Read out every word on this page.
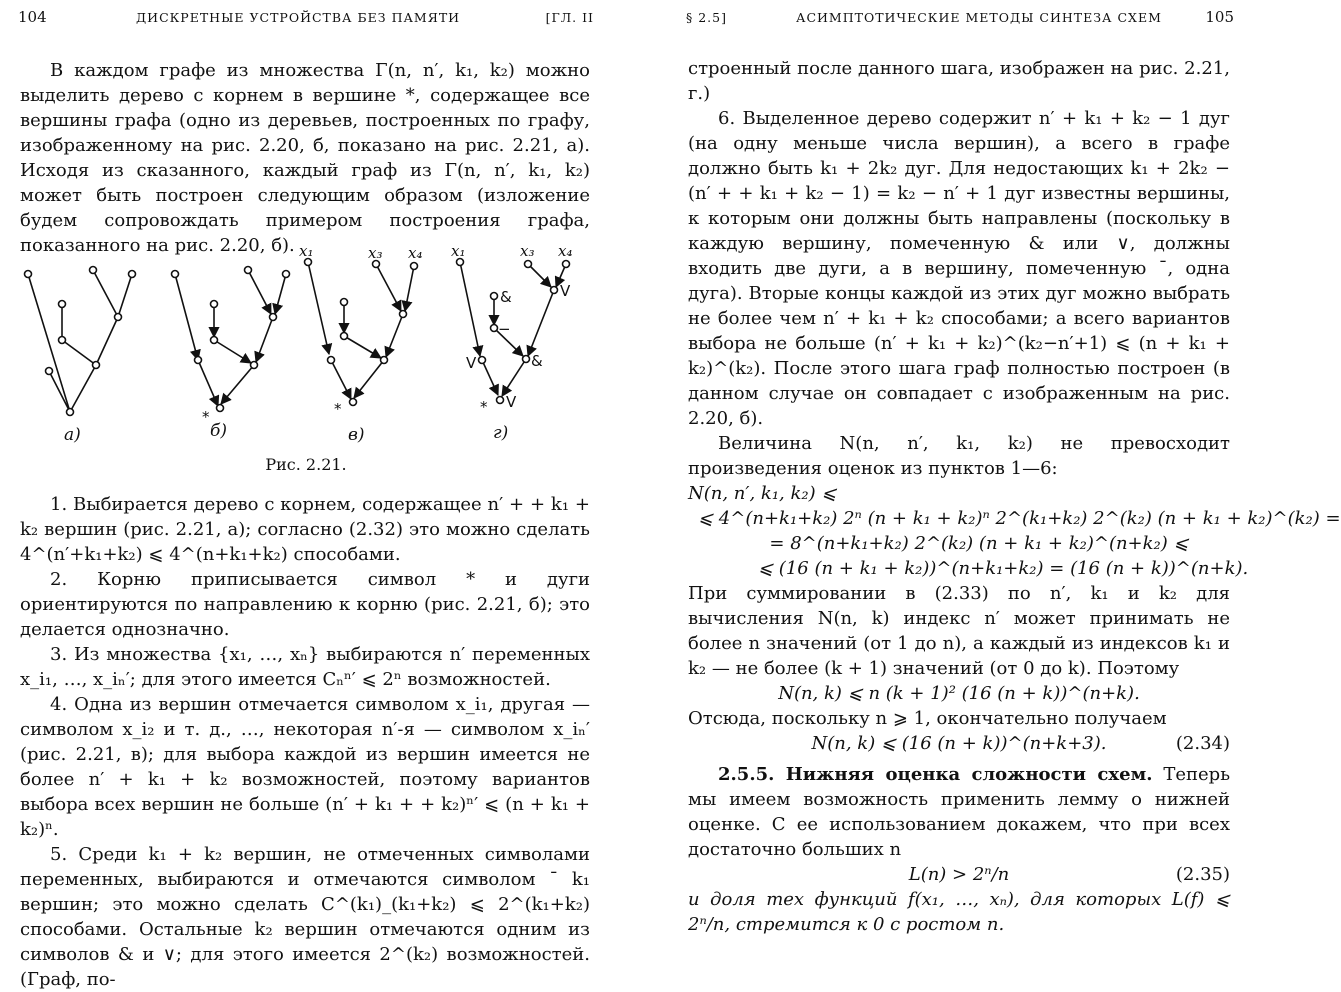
104	ДИСКРЕТНЫЕ УСТРОЙСТВА БЕЗ ПАМЯТИ	[ГЛ. II

В каждом графе из множества Γ(n, n′, k₁, k₂) можно выделить дерево с корнем в вершине *, содержащее все вершины графа (одно из деревьев, построенных по графу, изображенному на рис. 2.20, б, показано на рис. 2.21, а). Исходя из сказанного, каждый граф из Γ(n, n′, k₁, k₂) может быть построен следующим образом (изложение будем сопровождать примером построения графа, показанного на рис. 2.20, б).

а)	б)	в)	г)
x₁	x₃ x₄ x₁	x₃ x₄
*	*	*
&
−
&
V
V
V
Рис. 2.21.

1. Выбирается дерево с корнем, содержащее n′ + + k₁ + k₂ вершин (рис. 2.21, а); согласно (2.32) это можно сделать 4^(n′+k₁+k₂) ⩽ 4^(n+k₁+k₂) способами.

2. Корню приписывается символ * и дуги ориентируются по направлению к корню (рис. 2.21, б); это делается однозначно.

3. Из множества {x₁, …, xₙ} выбираются n′ переменных x_i₁, …, x_iₙ′; для этого имеется Cₙⁿ′ ⩽ 2ⁿ возможностей.

4. Одна из вершин отмечается символом x_i₁, другая — символом x_i₂ и т. д., …, некоторая n′-я — символом x_iₙ′ (рис. 2.21, в); для выбора каждой из вершин имеется не более n′ + k₁ + k₂ возможностей, поэтому вариантов выбора всех вершин не больше (n′ + k₁ + + k₂)ⁿ′ ⩽ (n + k₁ + k₂)ⁿ.

5. Среди k₁ + k₂ вершин, не отмеченных символами переменных, выбираются и отмечаются символом ¯ k₁ вершин; это можно сделать C^(k₁)_(k₁+k₂) ⩽ 2^(k₁+k₂) способами. Остальные k₂ вершин отмечаются одним из символов & и ∨; для этого имеется 2^(k₂) возможностей. (Граф, по-

§ 2.5]	АСИМПТОТИЧЕСКИЕ МЕТОДЫ СИНТЕЗА СХЕМ	105

строенный после данного шага, изображен на рис. 2.21, г.)

6. Выделенное дерево содержит n′ + k₁ + k₂ − 1 дуг (на одну меньше числа вершин), а всего в графе должно быть k₁ + 2k₂ дуг. Для недостающих k₁ + 2k₂ − (n′ + + k₁ + k₂ − 1) = k₂ − n′ + 1 дуг известны вершины, к которым они должны быть направлены (поскольку в каждую вершину, помеченную & или ∨, должны входить две дуги, а в вершину, помеченную ¯, одна дуга). Вторые концы каждой из этих дуг можно выбрать не более чем n′ + k₁ + k₂ способами; а всего вариантов выбора не больше (n′ + k₁ + k₂)^(k₂−n′+1) ⩽ (n + k₁ + k₂)^(k₂). После этого шага граф полностью построен (в данном случае он совпадает с изображенным на рис. 2.20, б).

Величина N(n, n′, k₁, k₂) не превосходит произведения оценок из пунктов 1—6:

N(n, n′, k₁, k₂) ⩽

⩽ 4^(n+k₁+k₂) 2ⁿ (n + k₁ + k₂)ⁿ 2^(k₁+k₂) 2^(k₂) (n + k₁ + k₂)^(k₂) =

= 8^(n+k₁+k₂) 2^(k₂) (n + k₁ + k₂)^(n+k₂) ⩽

⩽ (16 (n + k₁ + k₂))^(n+k₁+k₂) = (16 (n + k))^(n+k).

При суммировании в (2.33) по n′, k₁ и k₂ для вычисления N(n, k) индекс n′ может принимать не более n значений (от 1 до n), а каждый из индексов k₁ и k₂ — не более (k + 1) значений (от 0 до k). Поэтому

N(n, k) ⩽ n (k + 1)² (16 (n + k))^(n+k).

Отсюда, поскольку n ⩾ 1, окончательно получаем

N(n, k) ⩽ (16 (n + k))^(n+k+3).	(2.34)

2.5.5. Нижняя оценка сложности схем. Теперь мы имеем возможность применить лемму о нижней оценке. С ее использованием докажем, что при всех достаточно больших n

L(n) > 2ⁿ/n	(2.35)

и доля тех функций f(x₁, …, xₙ), для которых L(f) ⩽ 2ⁿ/n, стремится к 0 с ростом n.
